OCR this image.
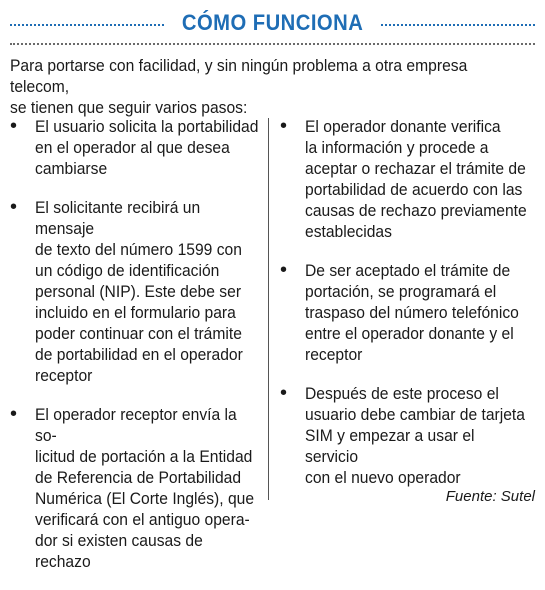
CÓMO FUNCIONA
Para portarse con facilidad, y sin ningún problema a otra empresa telecom,
se tienen que seguir varios pasos:
•	El usuario solicita la portabilidad
en el operador al que desea
cambiarse
•	El solicitante recibirá un mensaje
de texto del número 1599 con
un código de identificación
personal (NIP). Este debe ser
incluido en el formulario para
poder continuar con el trámite
de portabilidad en el operador
receptor
•	El operador receptor envía la so-
licitud de portación a la Entidad
de Referencia de Portabilidad
Numérica (El Corte Inglés), que
verificará con el antiguo opera-
dor si existen causas de rechazo
•	El operador donante verifica
la información y procede a
aceptar o rechazar el trámite de
portabilidad de acuerdo con las
causas de rechazo previamente
establecidas
•	De ser aceptado el trámite de
portación, se programará el
traspaso del número telefónico
entre el operador donante y el
receptor
•	Después de este proceso el
usuario debe cambiar de tarjeta
SIM y empezar a usar el servicio
con el nuevo operador
Fuente: Sutel
